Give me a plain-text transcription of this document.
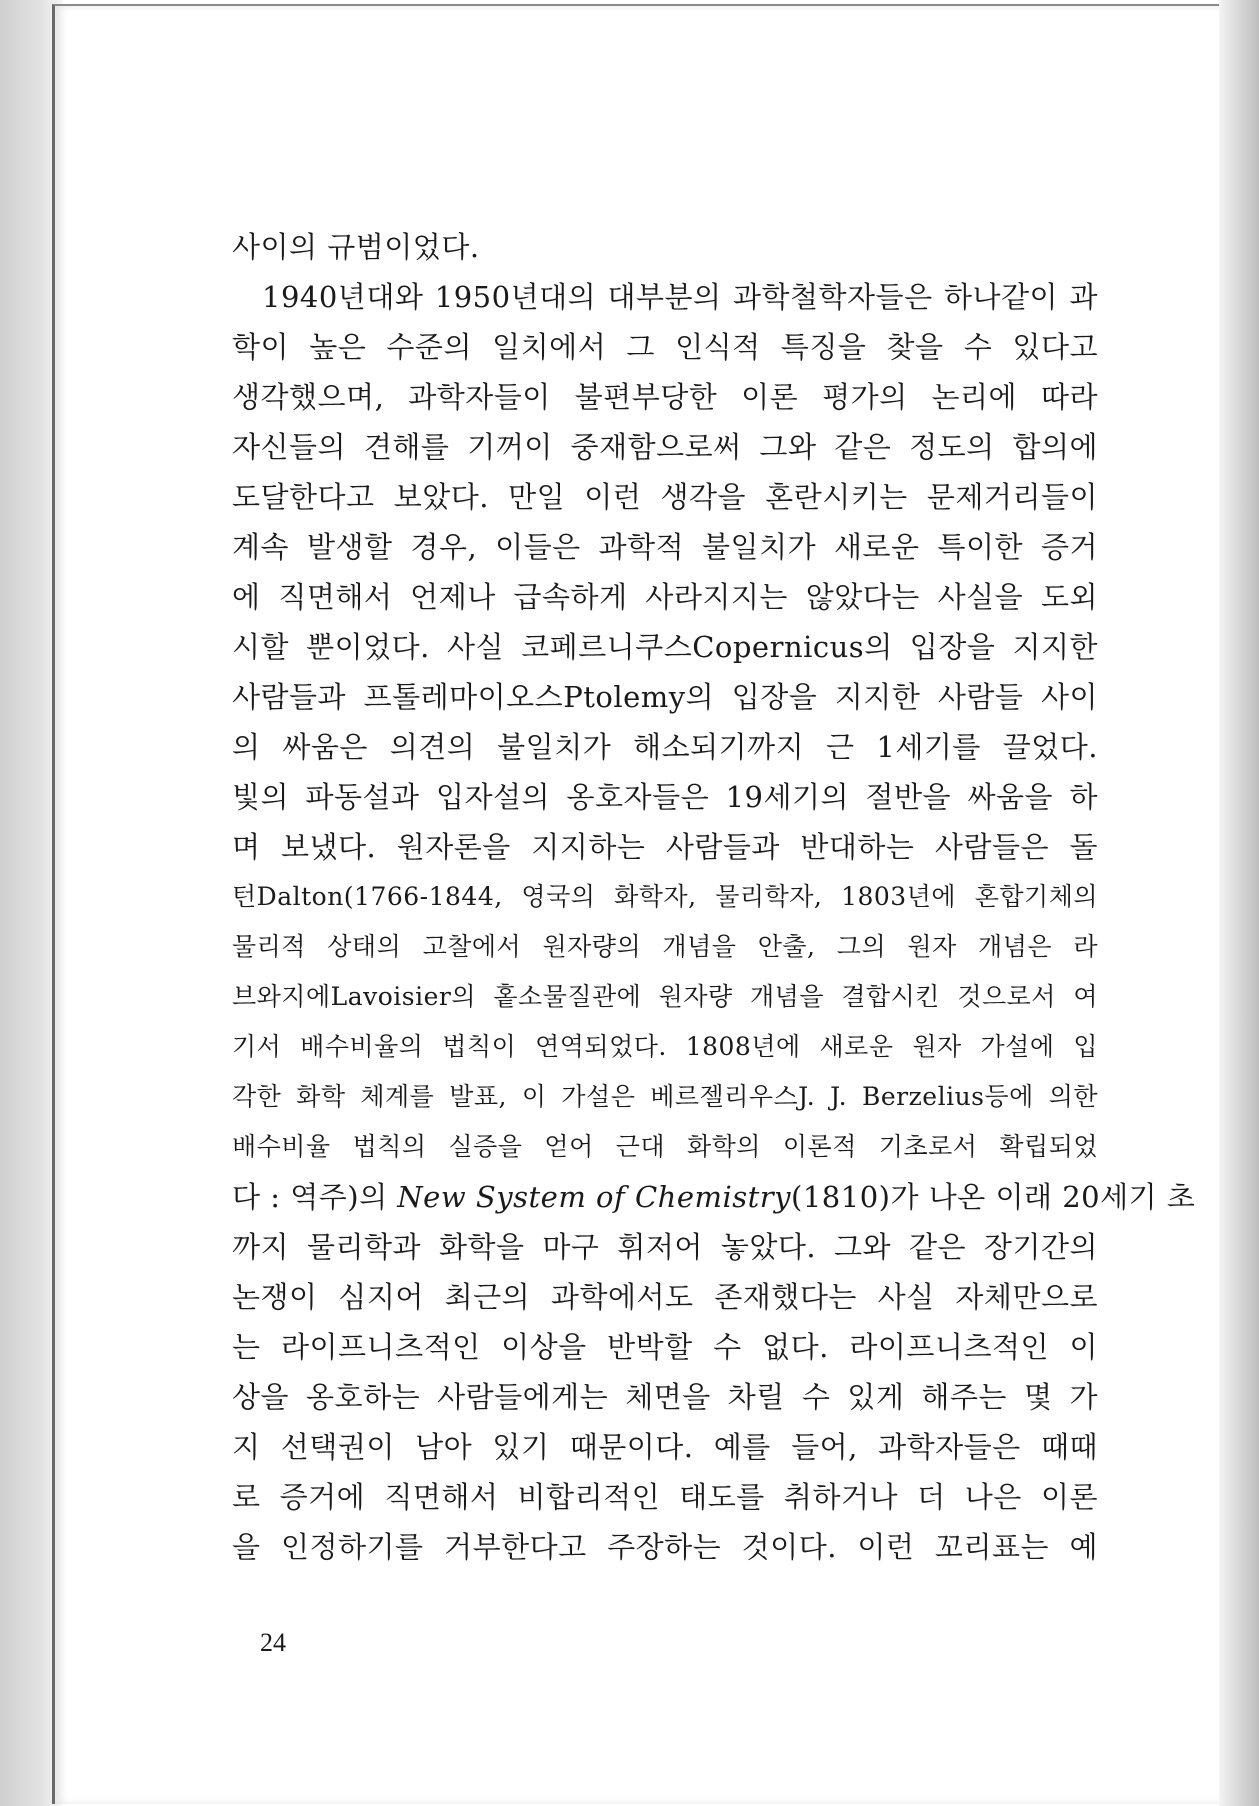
사이의 규범이었다.
1940년대와 1950년대의 대부분의 과학철학자들은 하나같이 과
학이 높은 수준의 일치에서 그 인식적 특징을 찾을 수 있다고
생각했으며, 과학자들이 불편부당한 이론 평가의 논리에 따라
자신들의 견해를 기꺼이 중재함으로써 그와 같은 정도의 합의에
도달한다고 보았다. 만일 이런 생각을 혼란시키는 문제거리들이
계속 발생할 경우, 이들은 과학적 불일치가 새로운 특이한 증거
에 직면해서 언제나 급속하게 사라지지는 않았다는 사실을 도외
시할 뿐이었다. 사실 코페르니쿠스Copernicus의 입장을 지지한
사람들과 프톨레마이오스Ptolemy의 입장을 지지한 사람들 사이
의 싸움은 의견의 불일치가 해소되기까지 근 1세기를 끌었다.
빛의 파동설과 입자설의 옹호자들은 19세기의 절반을 싸움을 하
며 보냈다. 원자론을 지지하는 사람들과 반대하는 사람들은 돌
턴Dalton(1766-1844, 영국의 화학자, 물리학자, 1803년에 혼합기체의
물리적 상태의 고찰에서 원자량의 개념을 안출, 그의 원자 개념은 라
브와지에Lavoisier의 홑소물질관에 원자량 개념을 결합시킨 것으로서 여
기서 배수비율의 법칙이 연역되었다. 1808년에 새로운 원자 가설에 입
각한 화학 체계를 발표, 이 가설은 베르젤리우스J. J. Berzelius등에 의한
배수비율 법칙의 실증을 얻어 근대 화학의 이론적 기초로서 확립되었
다 : 역주)의 New System of Chemistry(1810)가 나온 이래 20세기 초
까지 물리학과 화학을 마구 휘저어 놓았다. 그와 같은 장기간의
논쟁이 심지어 최근의 과학에서도 존재했다는 사실 자체만으로
는 라이프니츠적인 이상을 반박할 수 없다. 라이프니츠적인 이
상을 옹호하는 사람들에게는 체면을 차릴 수 있게 해주는 몇 가
지 선택권이 남아 있기 때문이다. 예를 들어, 과학자들은 때때
로 증거에 직면해서 비합리적인 태도를 취하거나 더 나은 이론
을 인정하기를 거부한다고 주장하는 것이다. 이런 꼬리표는 예
24
